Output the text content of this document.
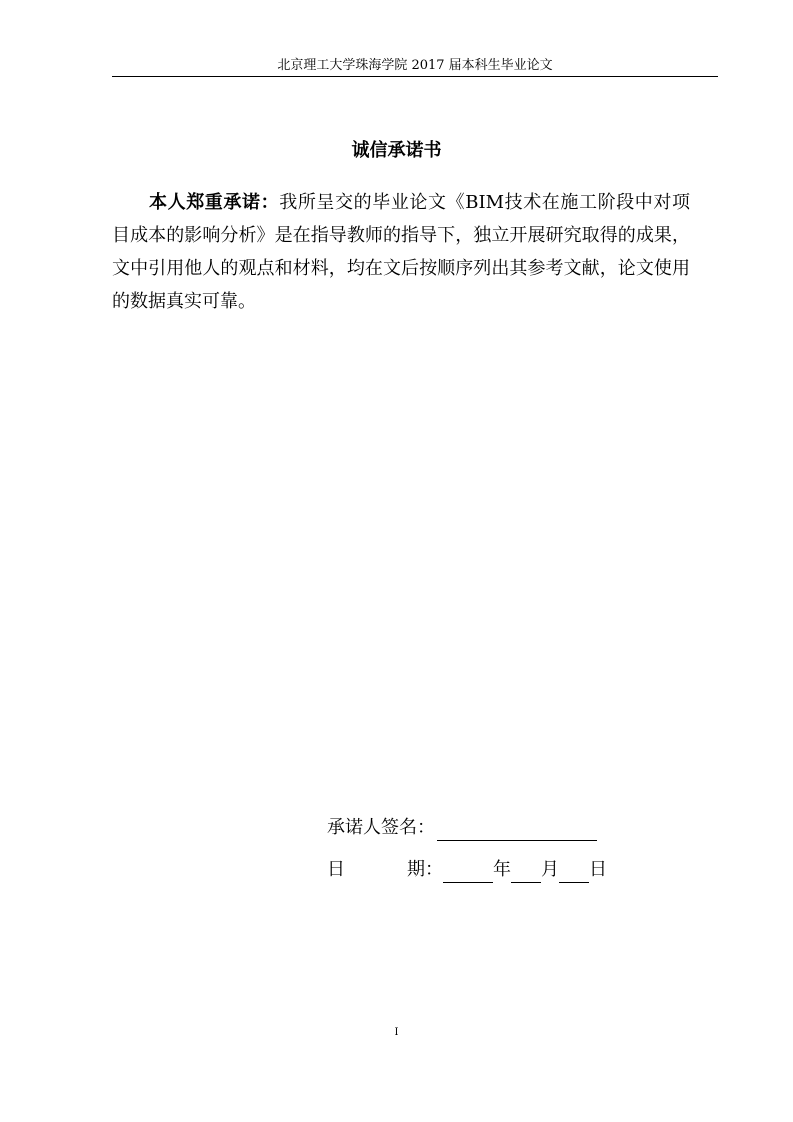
北京理工大学珠海学院 2017 届本科生毕业论文
诚信承诺书
本人郑重承诺：我所呈交的毕业论文《BIM技术在施工阶段中对项目成本的影响分析》是在指导教师的指导下，独立开展研究取得的成果，文中引用他人的观点和材料，均在文后按顺序列出其参考文献，论文使用的数据真实可靠。
承诺人签名：
日	期：	年 月 日
I
